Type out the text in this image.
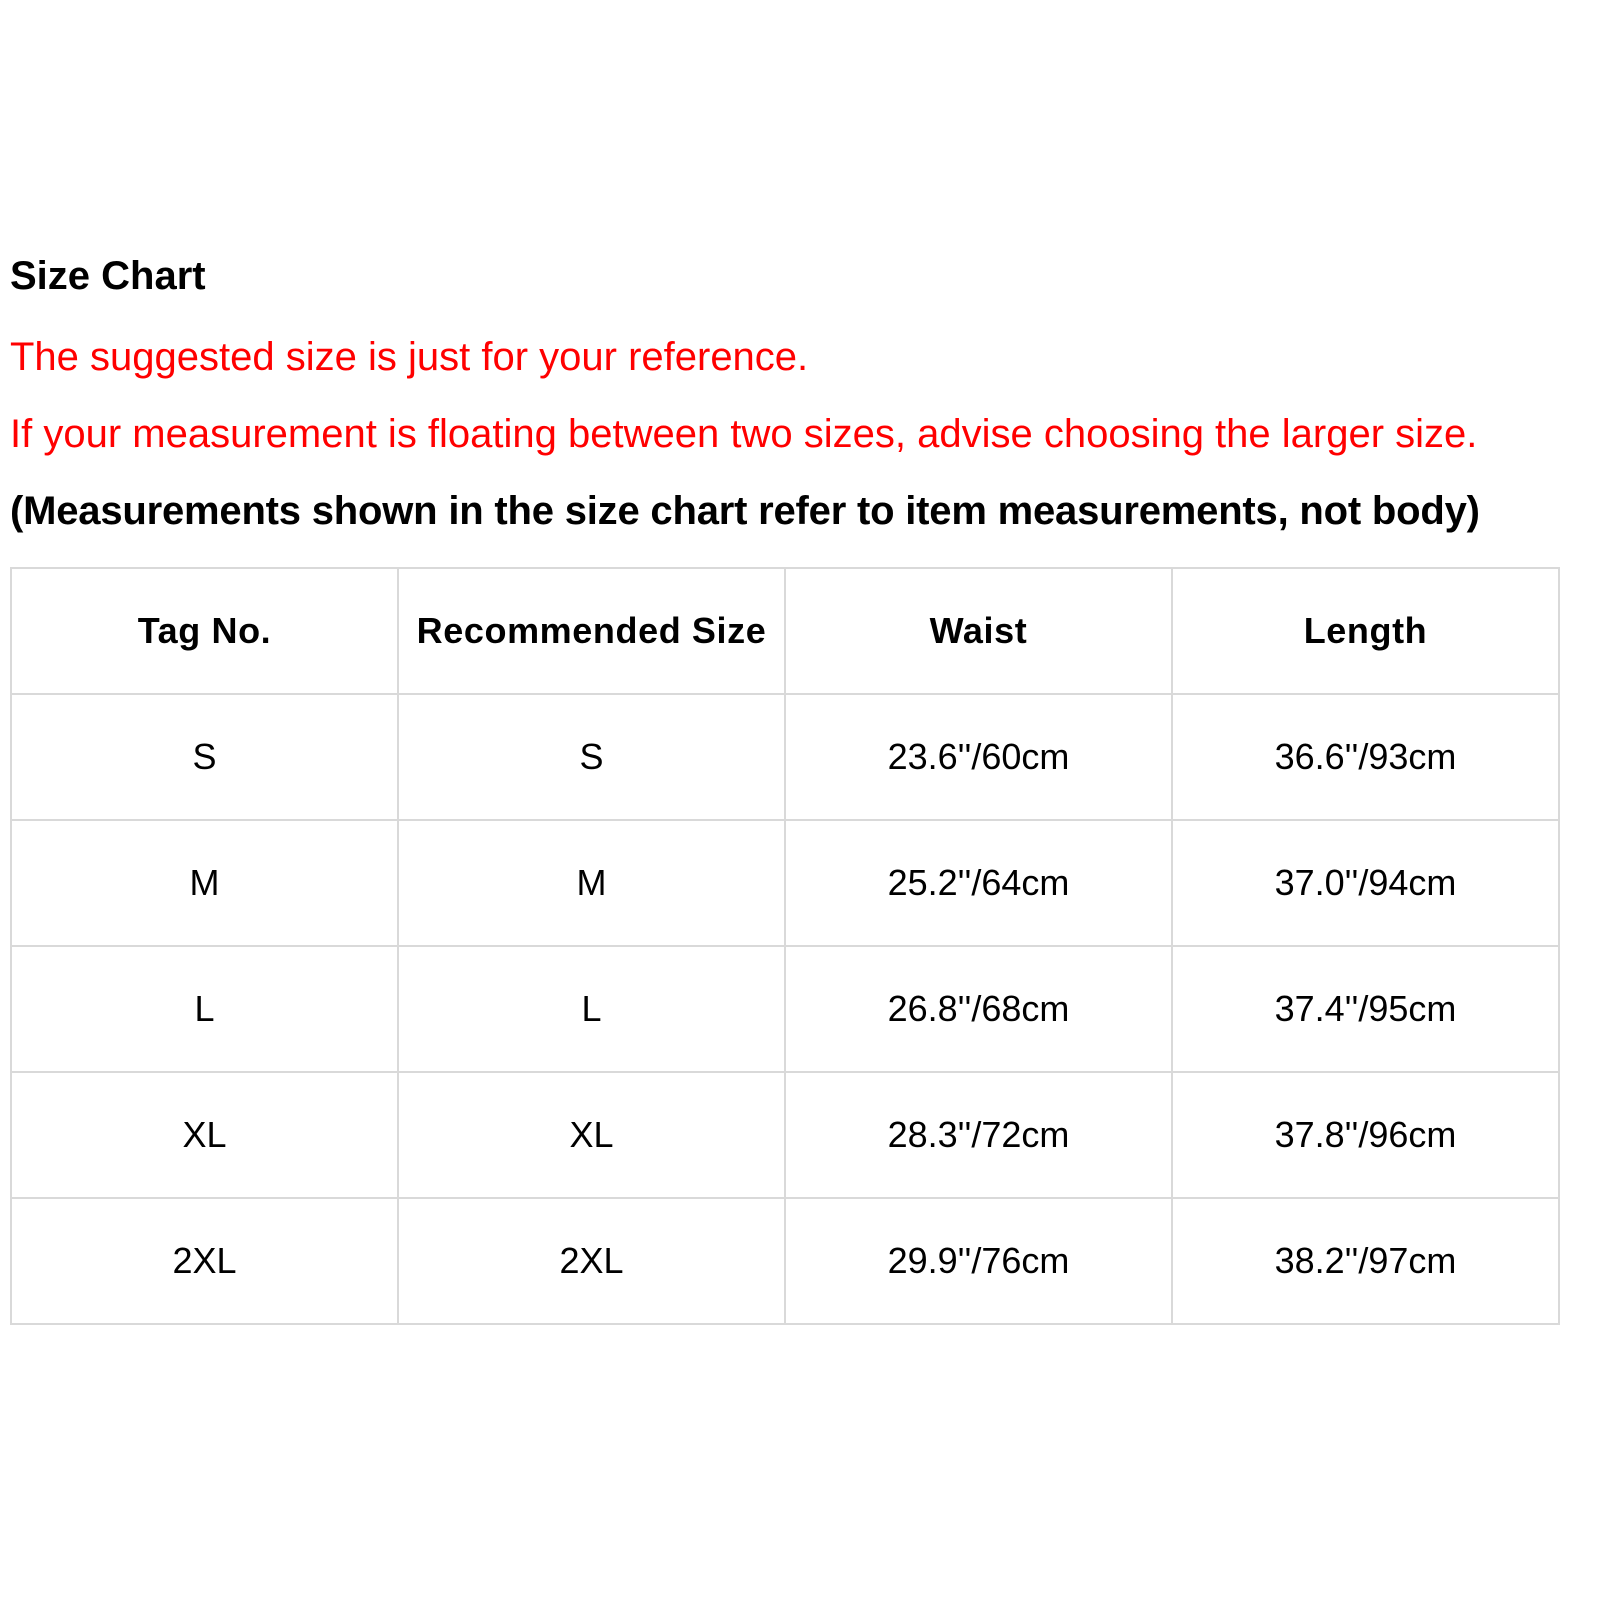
Size Chart
The suggested size is just for your reference.
If your measurement is floating between two sizes, advise choosing the larger size.
(Measurements shown in the size chart refer to item measurements, not body)
Tag No.	Recommended Size	Waist	Length
S	S	23.6''/60cm	36.6''/93cm
M	M	25.2''/64cm	37.0''/94cm
L	L	26.8''/68cm	37.4''/95cm
XL	XL	28.3''/72cm	37.8''/96cm
2XL	2XL	29.9''/76cm	38.2''/97cm
